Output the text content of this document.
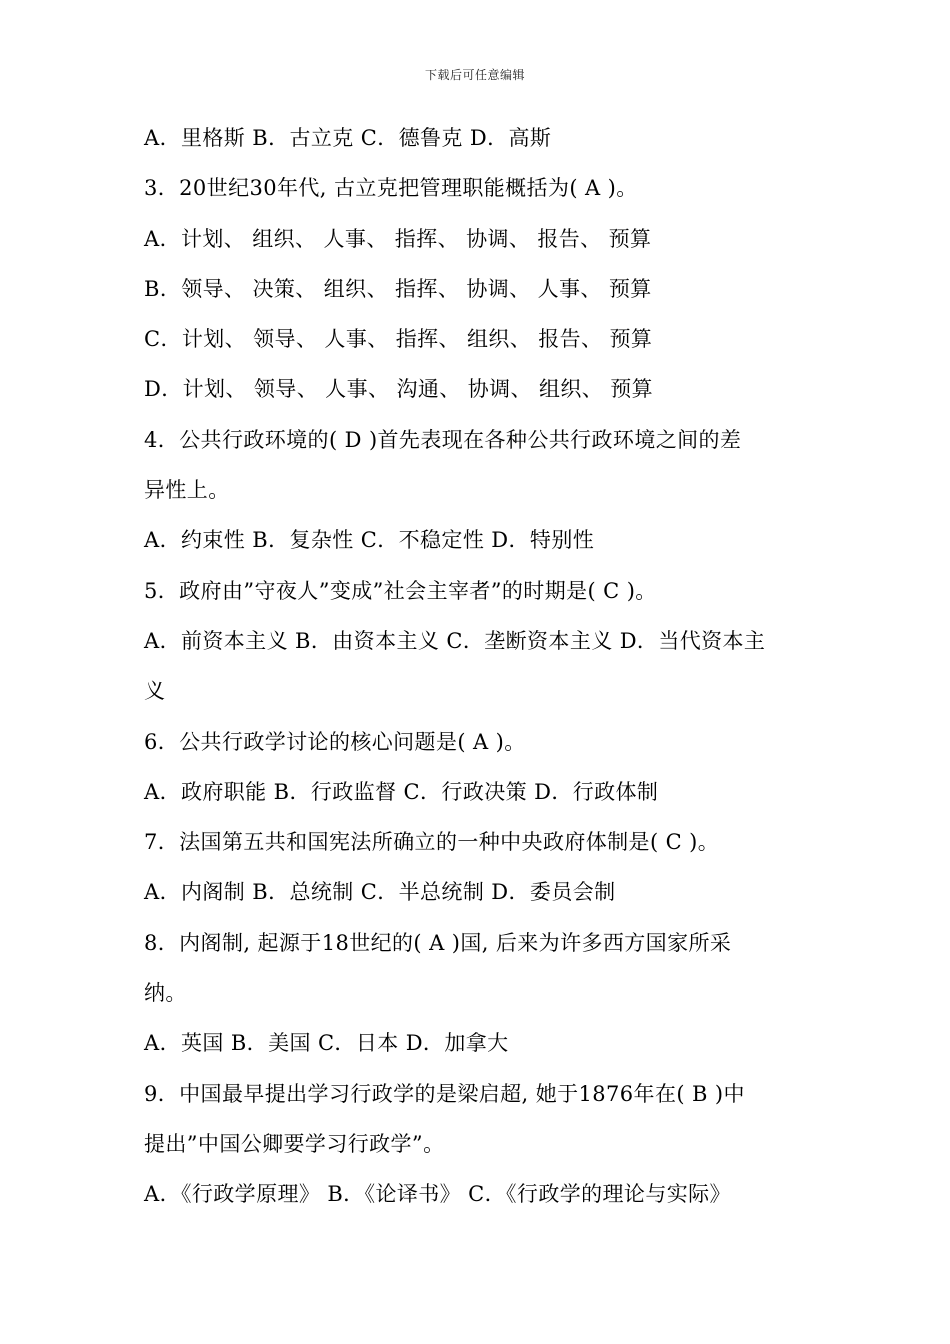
下载后可任意编辑
A．里格斯 B．古立克 C．德鲁克 D．高斯
3．20世纪30年代, 古立克把管理职能概括为( A )。
A．计划、 组织、 人事、 指挥、 协调、 报告、 预算
B．领导、 决策、 组织、 指挥、 协调、 人事、 预算
C．计划、 领导、 人事、 指挥、 组织、 报告、 预算
D．计划、 领导、 人事、 沟通、 协调、 组织、 预算
4．公共行政环境的( D )首先表现在各种公共行政环境之间的差
异性上。
A．约束性 B．复杂性 C．不稳定性 D．特别性
5．政府由”守夜人”变成”社会主宰者”的时期是( C )。
A．前资本主义 B．由资本主义 C．垄断资本主义 D．当代资本主
义
6．公共行政学讨论的核心问题是( A )。
A．政府职能 B．行政监督 C．行政决策 D．行政体制
7．法国第五共和国宪法所确立的一种中央政府体制是( C )。
A．内阁制 B．总统制 C．半总统制 D．委员会制
8．内阁制, 起源于18世纪的( A )国, 后来为许多西方国家所采
纳。
A．英国 B．美国 C．日本 D．加拿大
9．中国最早提出学习行政学的是梁启超, 她于1876年在( B )中
提出”中国公卿要学习行政学”。
A．《行政学原理》 B．《论译书》 C．《行政学的理论与实际》
